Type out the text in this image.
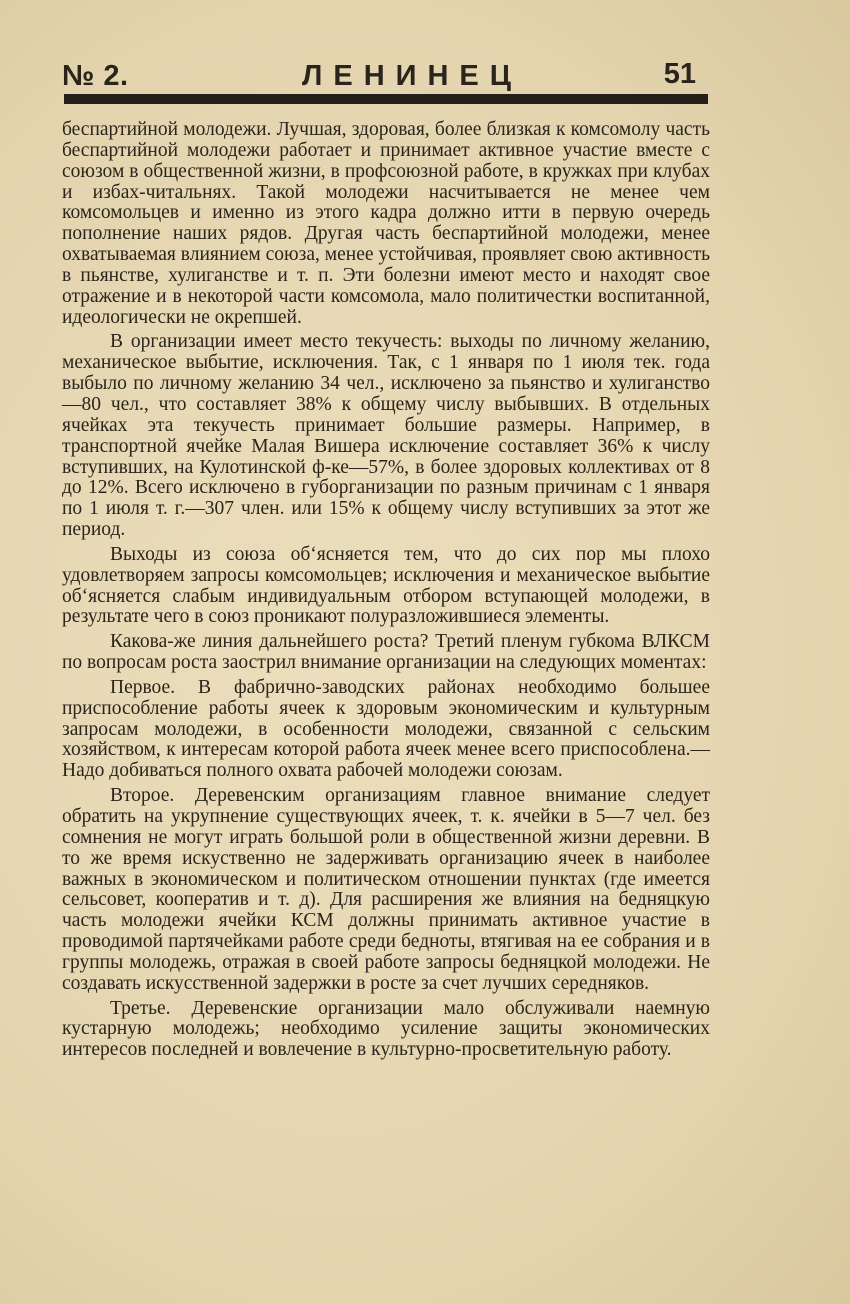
№ 2.	ЛЕНИНЕЦ	51

беспартийной молодежи. Лучшая, здоровая, более близкая к комсомолу часть беспартийной молодежи работает и принимает активное участие вместе с союзом в общественной жизни, в профсоюзной работе, в кружках при клубах и избах-читальнях. Такой молодежи насчитывается не менее чем комсомольцев и именно из этого кадра должно итти в первую очередь пополнение наших рядов. Другая часть беспартийной молодежи, менее охватываемая влиянием союза, менее устойчивая, проявляет свою активность в пьянстве, хулиганстве и т. п. Эти болезни имеют место и находят свое отражение и в некоторой части комсомола, мало политичестки воспитанной, идеологически не окрепшей.

В организации имеет место текучесть: выходы по личному желанию, механическое выбытие, исключения. Так, с 1 января по 1 июля тек. года выбыло по личному желанию 34 чел., исключено за пьянство и хулиганство—80 чел., что составляет 38% к общему числу выбывших. В отдельных ячейках эта текучесть принимает большие размеры. Например, в транспортной ячейке Малая Вишера исключение составляет 36% к числу вступивших, на Кулотинской ф-ке—57%, в более здоровых коллективах от 8 до 12%. Всего исключено в губорганизации по разным причинам с 1 января по 1 июля т. г.—307 член. или 15% к общему числу вступивших за этот же период.

Выходы из союза об‘ясняется тем, что до сих пор мы плохо удовлетворяем запросы комсомольцев; исключения и механическое выбытие об‘ясняется слабым индивидуальным отбором вступающей молодежи, в результате чего в союз проникают полуразложившиеся элементы.

Какова-же линия дальнейшего роста? Третий пленум губкома ВЛКСМ по вопросам роста заострил внимание организации на следующих моментах:

Первое. В фабрично-заводских районах необходимо большее приспособление работы ячеек к здоровым экономическим и культурным запросам молодежи, в особенности молодежи, связанной с сельским хозяйством, к интересам которой работа ячеек менее всего приспособлена.—Надо добиваться полного охвата рабочей молодежи союзам.

Второе. Деревенским организациям главное внимание следует обратить на укрупнение существующих ячеек, т. к. ячейки в 5—7 чел. без сомнения не могут играть большой роли в общественной жизни деревни. В то же время искуственно не задерживать организацию ячеек в наиболее важных в экономическом и политическом отношении пунктах (где имеется сельсовет, кооператив и т. д). Для расширения же влияния на бедняцкую часть молодежи ячейки КСМ должны принимать активное участие в проводимой партячейками работе среди бедноты, втягивая на ее собрания и в группы молодежь, отражая в своей работе запросы бедняцкой молодежи. Не создавать искусственной задержки в росте за счет лучших середняков.

Третье. Деревенские организации мало обслуживали наемную кустарную молодежь; необходимо усиление защиты экономических интересов последней и вовлечение в культурно-просветительную работу.
